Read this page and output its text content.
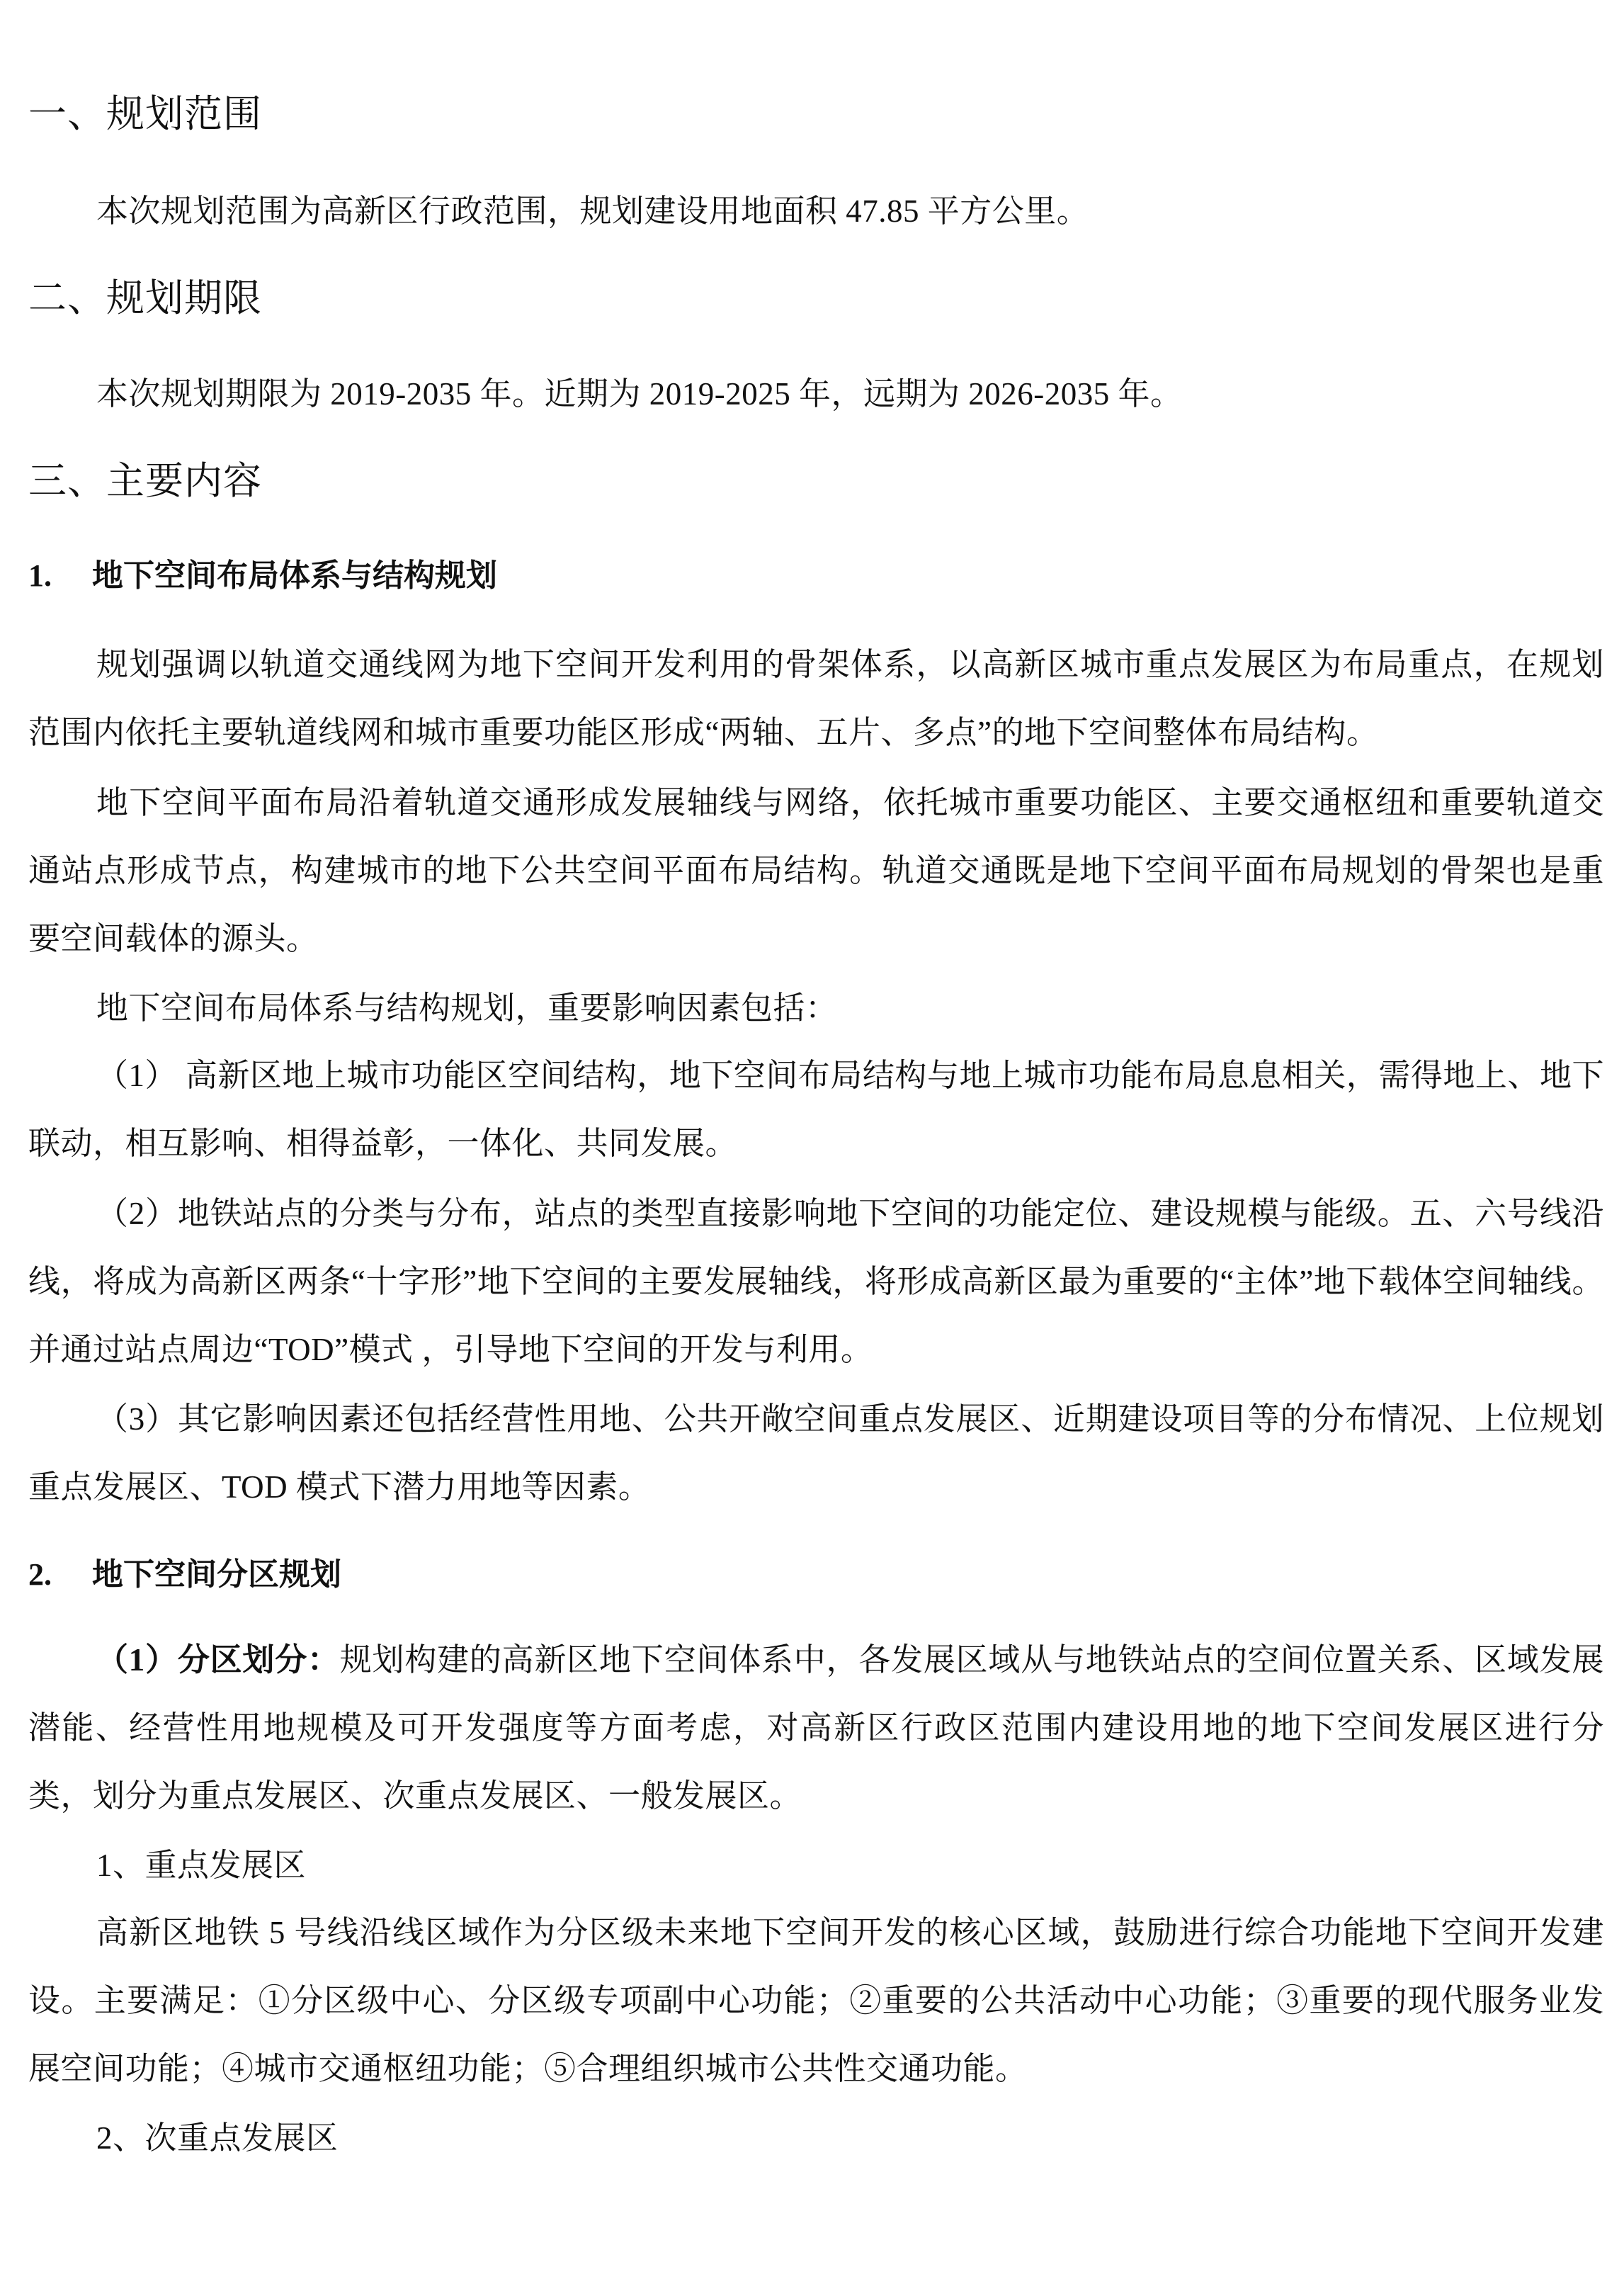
一、规划范围

本次规划范围为高新区行政范围，规划建设用地面积 47.85 平方公里。

二、规划期限

本次规划期限为 2019-2035 年。近期为 2019-2025 年，远期为 2026-2035 年。

三、主要内容
1. 地下空间布局体系与结构规划

规划强调以轨道交通线网为地下空间开发利用的骨架体系，以高新区城市重点发展区为布局重点，在规划范围内依托主要轨道线网和城市重要功能区形成“两轴、五片、多点”的地下空间整体布局结构。

地下空间平面布局沿着轨道交通形成发展轴线与网络，依托城市重要功能区、主要交通枢纽和重要轨道交通站点形成节点，构建城市的地下公共空间平面布局结构。轨道交通既是地下空间平面布局规划的骨架也是重要空间载体的源头。

地下空间布局体系与结构规划，重要影响因素包括：

（1） 高新区地上城市功能区空间结构，地下空间布局结构与地上城市功能布局息息相关，需得地上、地下联动，相互影响、相得益彰，一体化、共同发展。

（2）地铁站点的分类与分布，站点的类型直接影响地下空间的功能定位、建设规模与能级。五、六号线沿线，将成为高新区两条“十字形”地下空间的主要发展轴线，将形成高新区最为重要的“主体”地下载体空间轴线。并通过站点周边“TOD”模式 ，引导地下空间的开发与利用。

（3）其它影响因素还包括经营性用地、公共开敞空间重点发展区、近期建设项目等的分布情况、上位规划重点发展区、TOD 模式下潜力用地等因素。

2. 地下空间分区规划

（1）分区划分：规划构建的高新区地下空间体系中，各发展区域从与地铁站点的空间位置关系、区域发展潜能、经营性用地规模及可开发强度等方面考虑，对高新区行政区范围内建设用地的地下空间发展区进行分类，划分为重点发展区、次重点发展区、一般发展区。

1、重点发展区

高新区地铁 5 号线沿线区域作为分区级未来地下空间开发的核心区域，鼓励进行综合功能地下空间开发建设。主要满足：①分区级中心、分区级专项副中心功能；②重要的公共活动中心功能；③重要的现代服务业发展空间功能；④城市交通枢纽功能；⑤合理组织城市公共性交通功能。

2、次重点发展区
